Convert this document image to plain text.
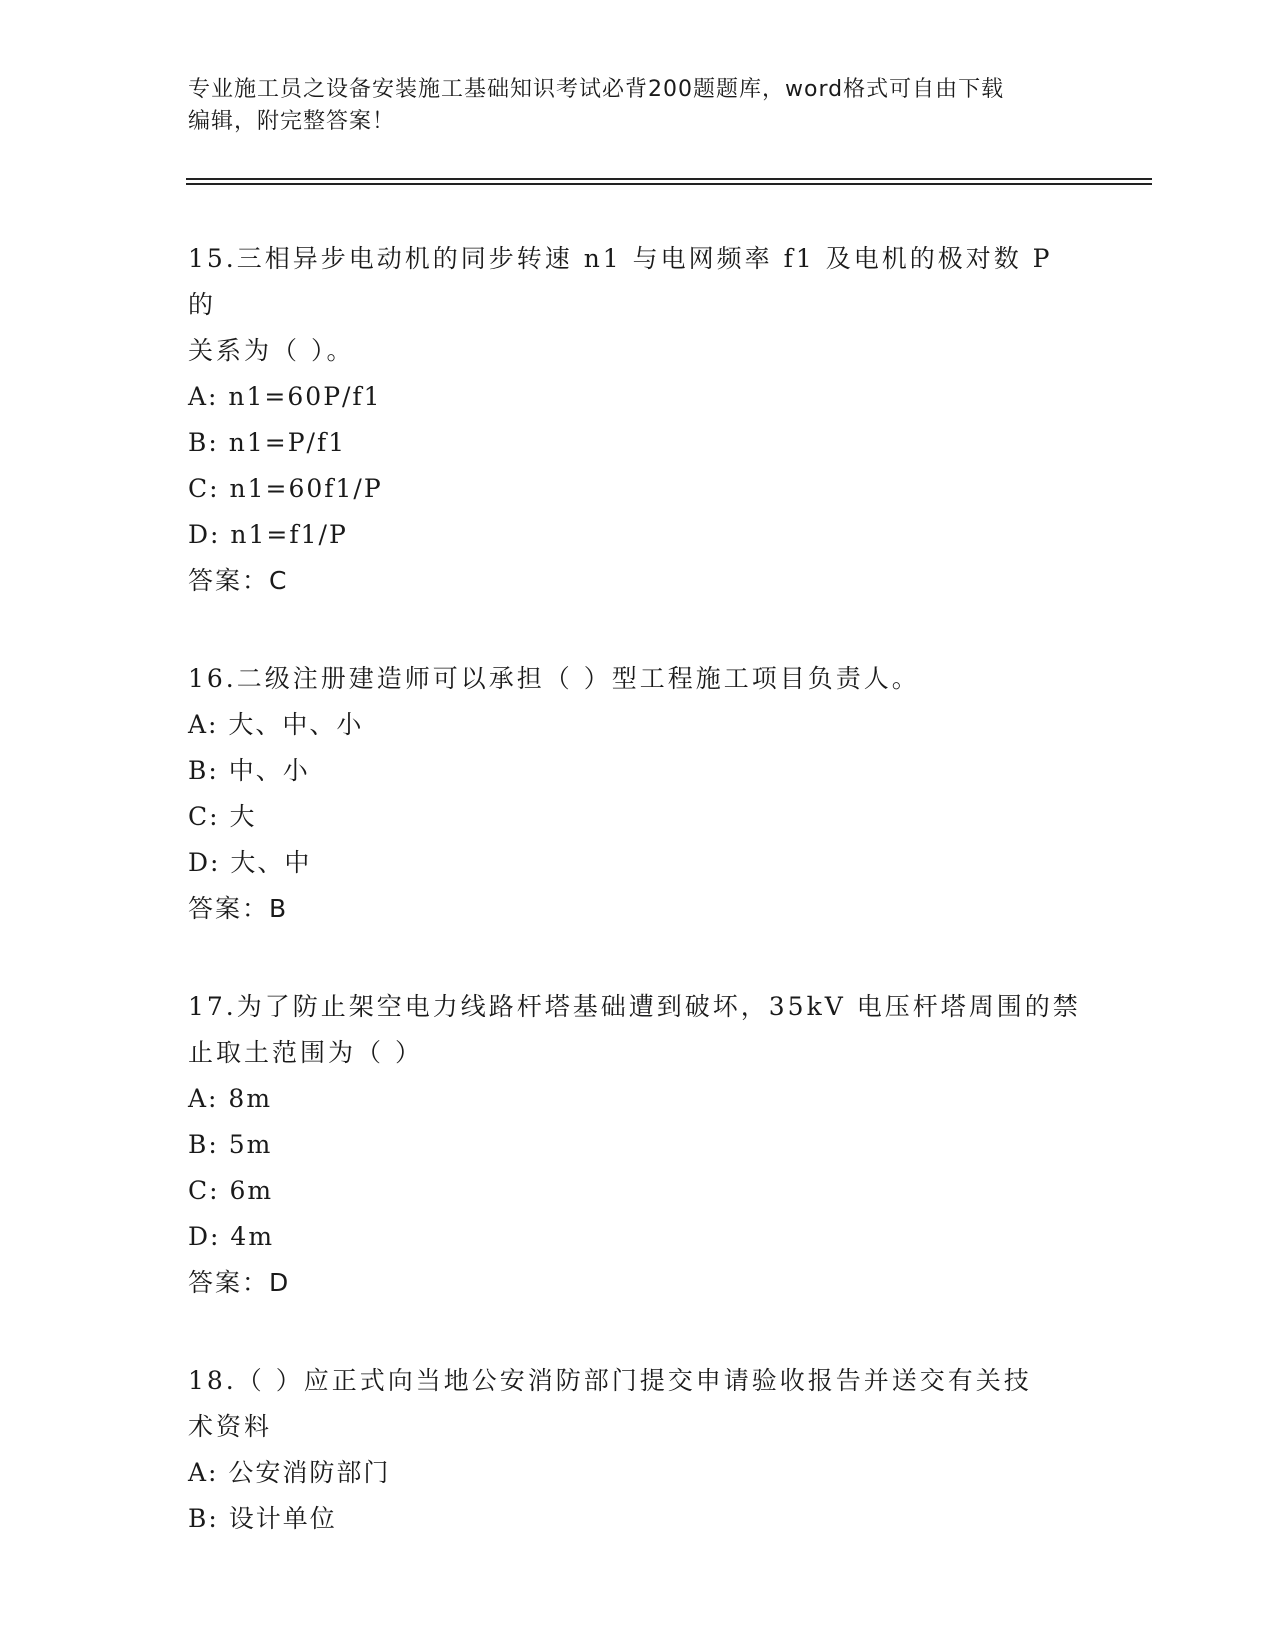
专业施工员之设备安装施工基础知识考试必背200题题库，word格式可自由下载
编辑，附完整答案！
15.三相异步电动机的同步转速 n1 与电网频率 f1 及电机的极对数 P 的
关系为（ ）。
A: n1=60P/f1
B: n1=P/f1
C: n1=60f1/P
D: n1=f1/P
答案：C
16.二级注册建造师可以承担（ ）型工程施工项目负责人。
A: 大、中、小
B: 中、小
C: 大
D: 大、中
答案：B
17.为了防止架空电力线路杆塔基础遭到破坏，35kV 电压杆塔周围的禁
止取土范围为（ ）
A: 8m
B: 5m
C: 6m
D: 4m
答案：D
18.（ ）应正式向当地公安消防部门提交申请验收报告并送交有关技
术资料
A: 公安消防部门
B: 设计单位
